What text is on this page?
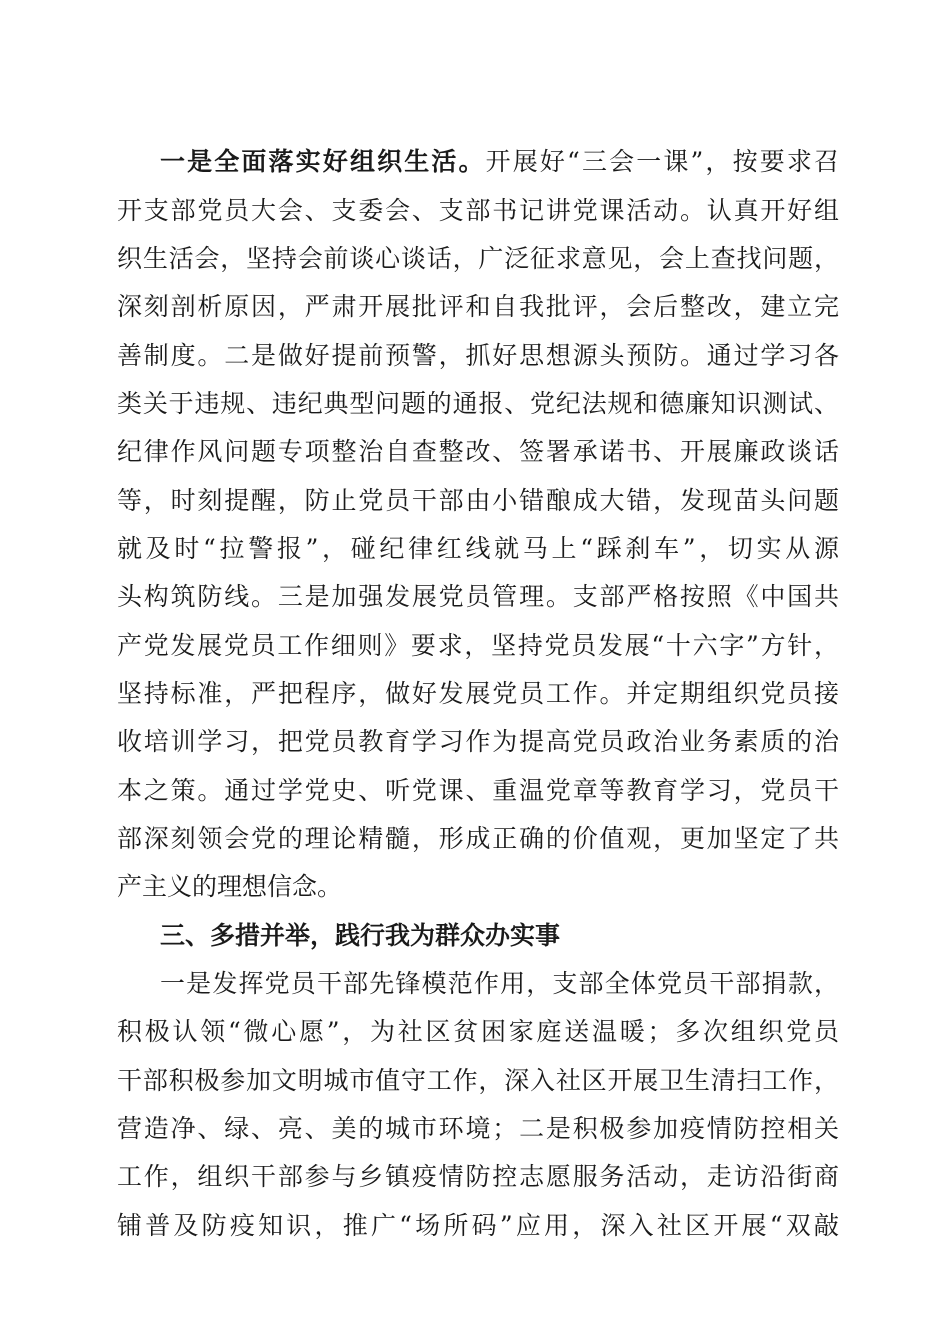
一是全面落实好组织生活。开展好“三会一课”，按要求召
开支部党员大会、支委会、支部书记讲党课活动。认真开好组
织生活会，坚持会前谈心谈话，广泛征求意见，会上查找问题，
深刻剖析原因，严肃开展批评和自我批评，会后整改，建立完
善制度。二是做好提前预警，抓好思想源头预防。通过学习各
类关于违规、违纪典型问题的通报、党纪法规和德廉知识测试、
纪律作风问题专项整治自查整改、签署承诺书、开展廉政谈话
等，时刻提醒，防止党员干部由小错酿成大错，发现苗头问题
就及时“拉警报”，碰纪律红线就马上“踩刹车”，切实从源
头构筑防线。三是加强发展党员管理。支部严格按照《中国共
产党发展党员工作细则》要求，坚持党员发展“十六字”方针，
坚持标准，严把程序，做好发展党员工作。并定期组织党员接
收培训学习，把党员教育学习作为提高党员政治业务素质的治
本之策。通过学党史、听党课、重温党章等教育学习，党员干
部深刻领会党的理论精髓，形成正确的价值观，更加坚定了共
产主义的理想信念。
三、多措并举，践行我为群众办实事
一是发挥党员干部先锋模范作用，支部全体党员干部捐款，
积极认领“微心愿”，为社区贫困家庭送温暖；多次组织党员
干部积极参加文明城市值守工作，深入社区开展卫生清扫工作，
营造净、绿、亮、美的城市环境；二是积极参加疫情防控相关
工作，组织干部参与乡镇疫情防控志愿服务活动，走访沿街商
铺普及防疫知识，推广“场所码”应用，深入社区开展“双敲
